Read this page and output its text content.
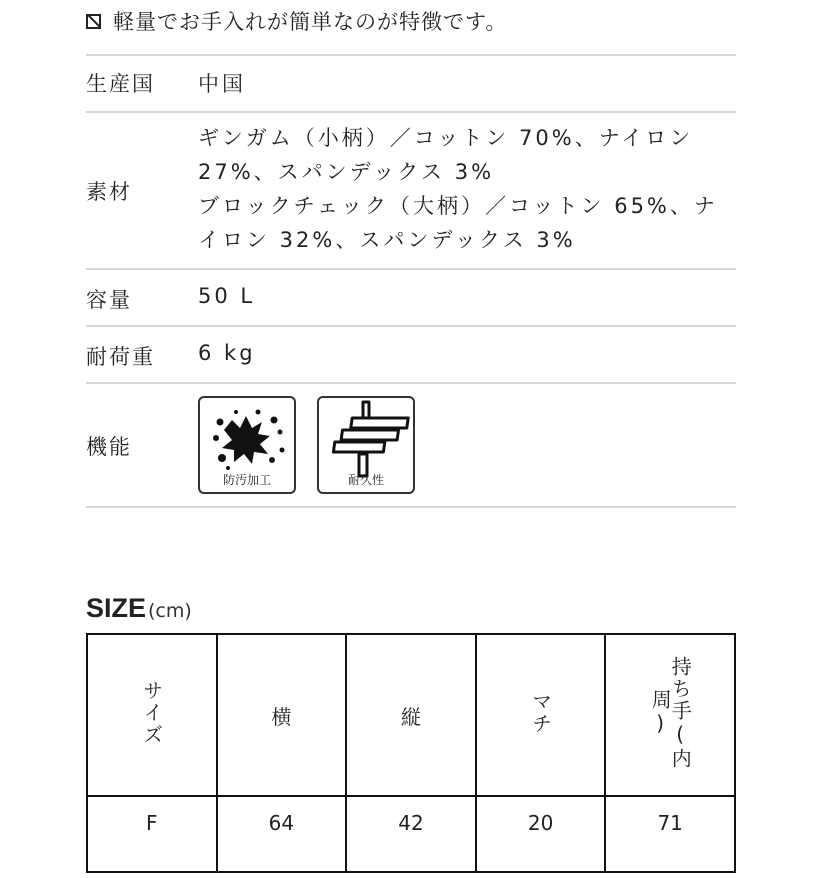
軽量でお手入れが簡単なのが特徴です。
生産国 中国
素材
ギンガム（小柄）／コットン 70%、ナイロン
27%、スパンデックス 3%
ブロックチェック（大柄）／コットン 65%、ナ
イロン 32%、スパンデックス 3%
容量	50 L
耐荷重 6 kg
機能
防汚加工	耐久性
SIZE (cm)
サイズ	横	縦	マチ	持ち手(内周)
F	64	42	20	71
